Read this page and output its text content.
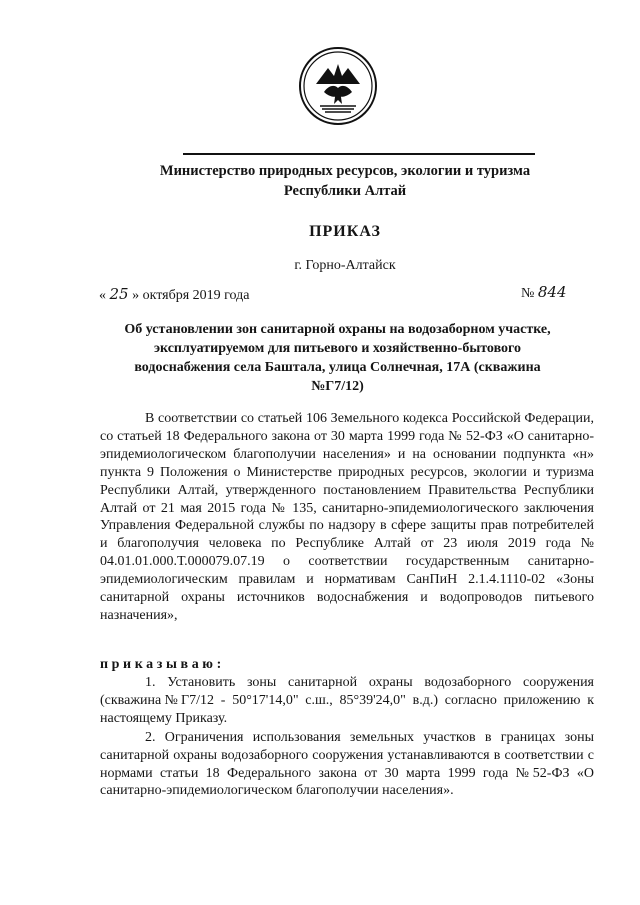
Министерство природных ресурсов, экологии и туризма Республики Алтай
ПРИКАЗ
г. Горно-Алтайск
« 25 » октября 2019 года	№ 844
Об установлении зон санитарной охраны на водозаборном участке, эксплуатируемом для питьевого и хозяйственно-бытового водоснабжения села Баштала, улица Солнечная, 17А (скважина №Г7/12)

В соответствии со статьей 106 Земельного кодекса Российской Федерации, со статьей 18 Федерального закона от 30 марта 1999 года № 52-ФЗ «О санитарно-эпидемиологическом благополучии населения» и на основании подпункта «н» пункта 9 Положения о Министерстве природных ресурсов, экологии и туризма Республики Алтай, утвержденного постановлением Правительства Республики Алтай от 21 мая 2015 года № 135, санитарно-эпидемиологического заключения Управления Федеральной службы по надзору в сфере защиты прав потребителей и благополучия человека по Республике Алтай от 23 июля 2019 года № 04.01.01.000.Т.000079.07.19 о соответствии государственным санитарно-эпидемиологическим правилам и нормативам СанПиН 2.1.4.1110-02 «Зоны санитарной охраны источников водоснабжения и водопроводов питьевого назначения»,

приказываю:

1. Установить зоны санитарной охраны водозаборного сооружения (скважина№Г7/12 - 50°17'14,0" с.ш., 85°39'24,0" в.д.) согласно приложению к настоящему Приказу.

2. Ограничения использования земельных участков в границах зоны санитарной охраны водозаборного сооружения устанавливаются в соответствии с нормами статьи 18 Федерального закона от 30 марта 1999 года №52-ФЗ «О санитарно-эпидемиологическом благополучии населения».
